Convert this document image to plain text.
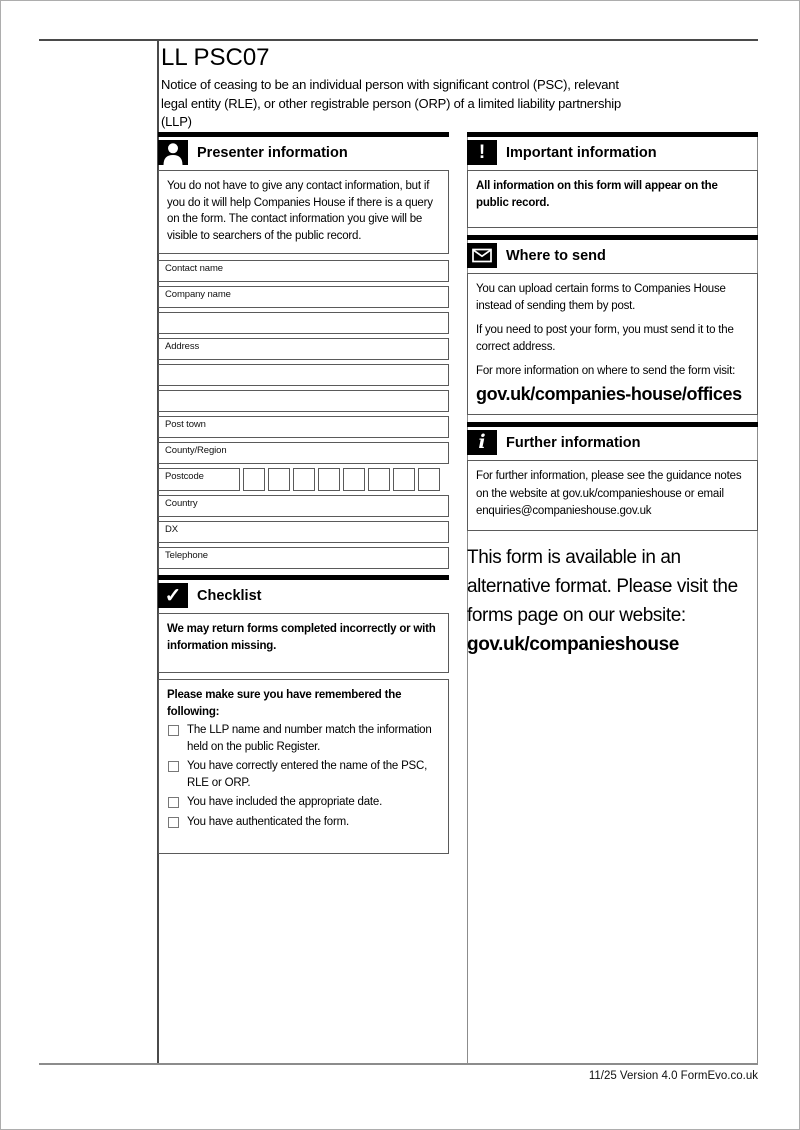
LL PSC07
Notice of ceasing to be an individual person with significant control (PSC), relevant legal entity (RLE), or other registrable person (ORP) of a limited liability partnership (LLP)
Presenter information
You do not have to give any contact information, but if you do it will help Companies House if there is a query on the form. The contact information you give will be visible to searchers of the public record.
Contact name
Company name
Address
Post town
County/Region
Postcode
Country
DX
Telephone
✓ Checklist
We may return forms completed incorrectly or with information missing.
Please make sure you have remembered the following:
The LLP name and number match the information held on the public Register.
You have correctly entered the name of the PSC, RLE or ORP.
You have included the appropriate date.
You have authenticated the form.
! Important information
All information on this form will appear on the public record.
Where to send

You can upload certain forms to Companies House instead of sending them by post.

If you need to post your form, you must send it to the correct address.

For more information on where to send the form visit:

gov.uk/companies-house/offices
i Further information
For further information, please see the guidance notes on the website at gov.uk/companieshouse or email enquiries@companieshouse.gov.uk
This form is available in an alternative format. Please visit the forms page on our website:
gov.uk/companieshouse
11/25 Version 4.0 FormEvo.co.uk
